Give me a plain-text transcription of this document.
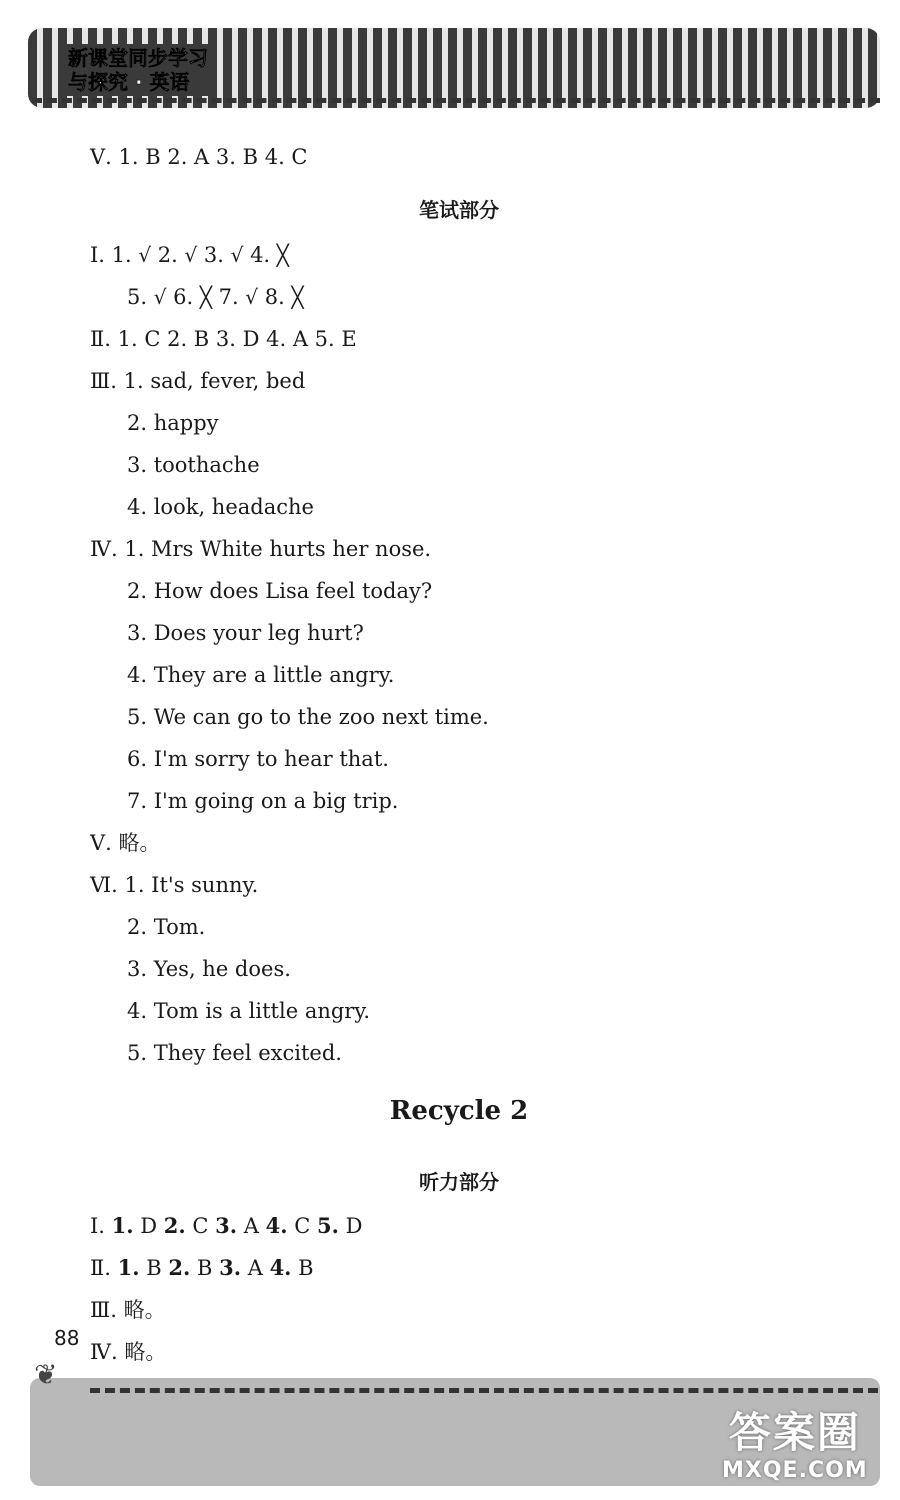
新课堂同步学习
与探究 · 英语
Ⅴ. 1. B 2. A 3. B 4. C
笔试部分
Ⅰ. 1. √ 2. √ 3. √ 4. ╳
5. √ 6. ╳ 7. √ 8. ╳
Ⅱ. 1. C 2. B 3. D 4. A 5. E
Ⅲ. 1. sad, fever, bed
2. happy
3. toothache
4. look, headache
Ⅳ. 1. Mrs White hurts her nose.
2. How does Lisa feel today?
3. Does your leg hurt?
4. They are a little angry.
5. We can go to the zoo next time.
6. I'm sorry to hear that.
7. I'm going on a big trip.
Ⅴ. 略。
Ⅵ. 1. It's sunny.
2. Tom.
3. Yes, he does.
4. Tom is a little angry.
5. They feel excited.
Recycle 2
听力部分
Ⅰ. 1. D 2. C 3. A 4. C 5. D
Ⅱ. 1. B 2. B 3. A 4. B
Ⅲ. 略。
❦
88
Ⅳ. 略。
答案圈
MXQE.COM
